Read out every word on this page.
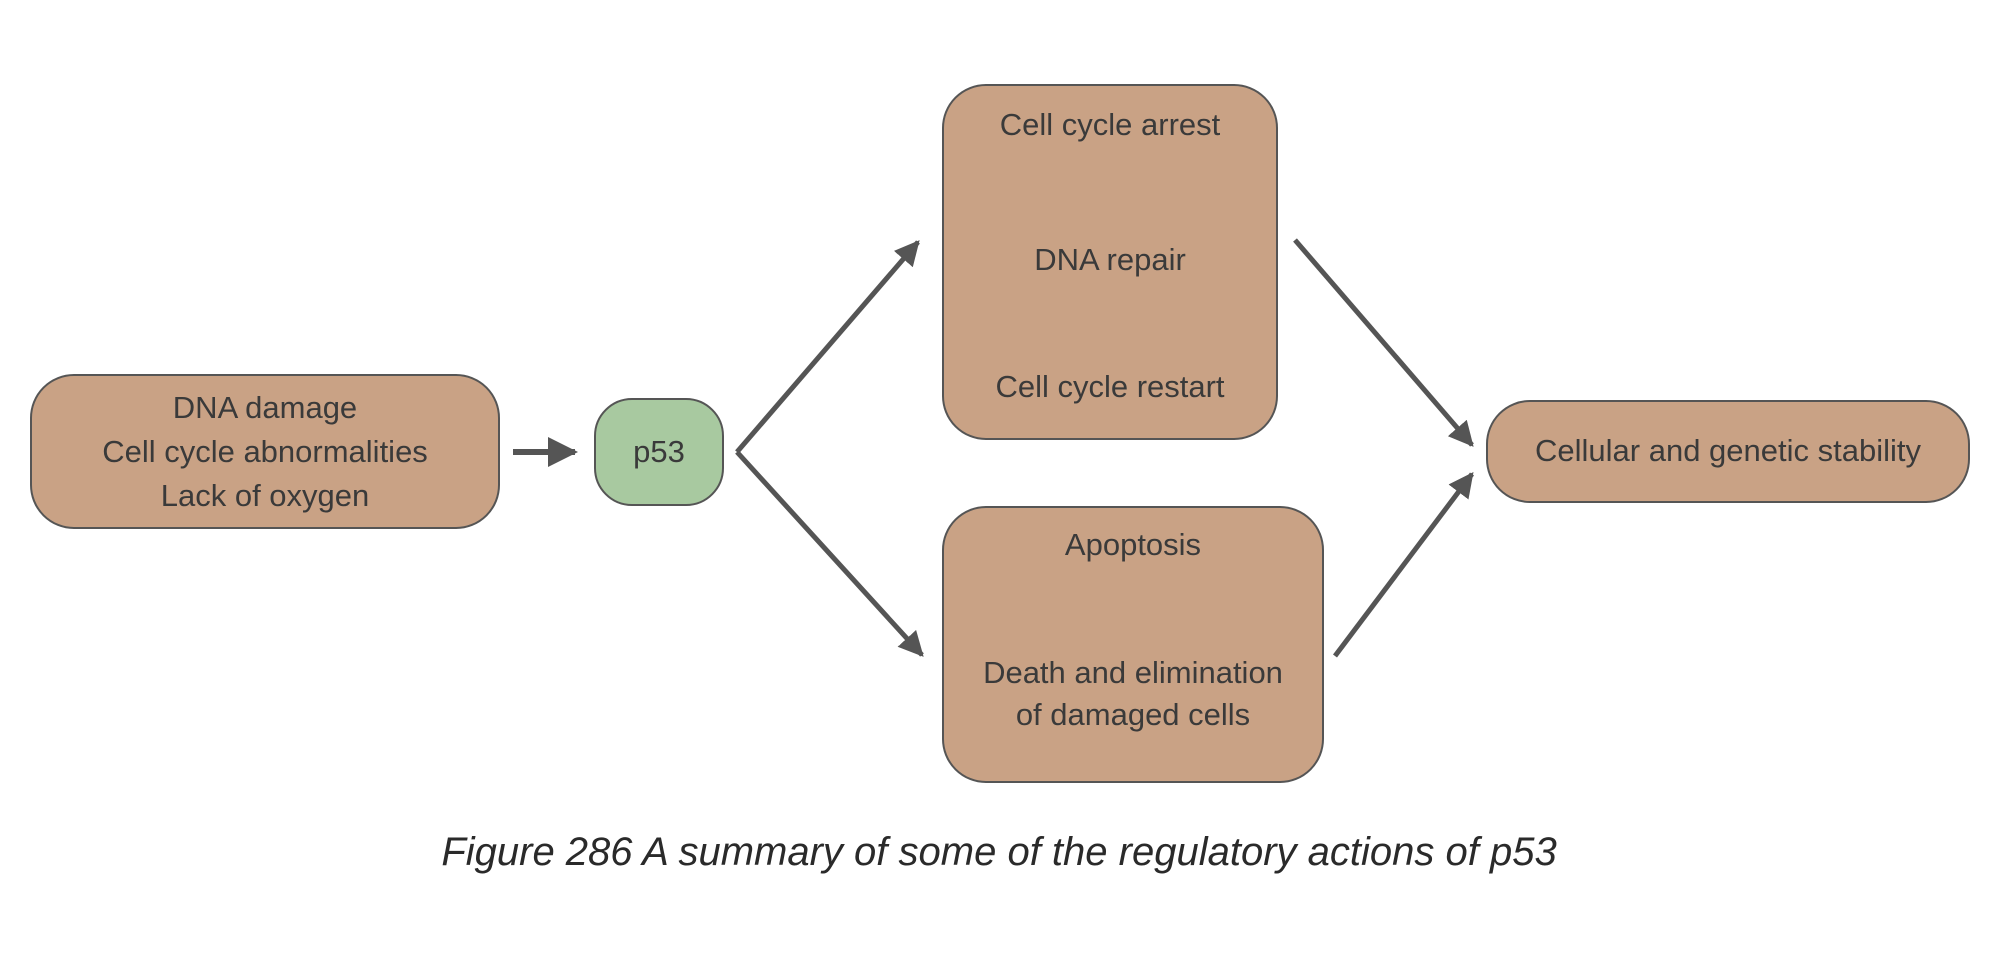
DNA damage
Cell cycle abnormalities
Lack of oxygen
p53
Cell cycle arrest
DNA repair
Cell cycle restart
Apoptosis
Death and elimination
of damaged cells
Cellular and genetic stability
Figure 286 A summary of some of the regulatory actions of p53
